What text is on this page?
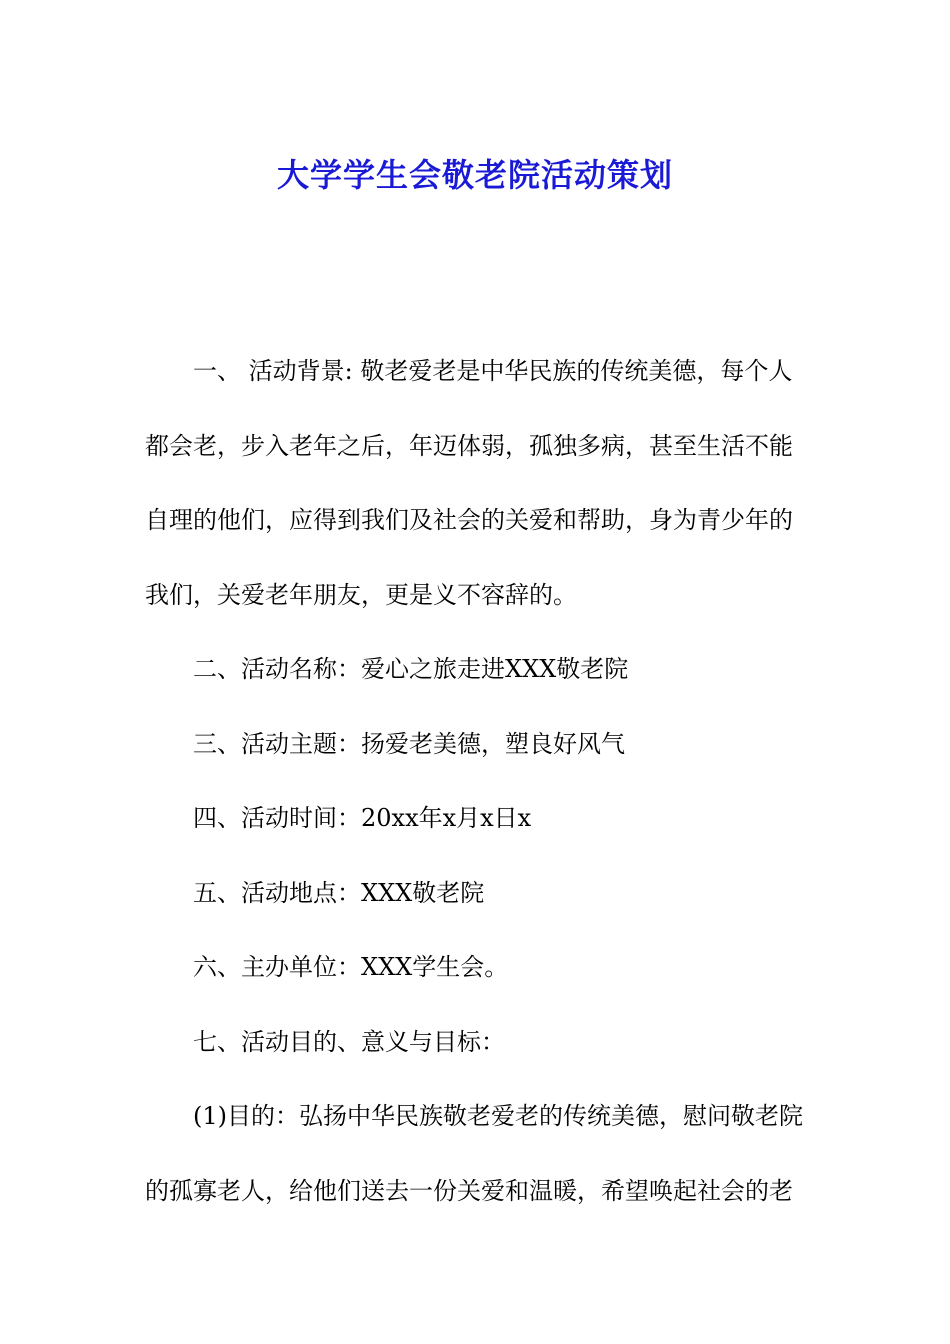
大学学生会敬老院活动策划

一、 活动背景: 敬老爱老是中华民族的传统美德，每个人
都会老，步入老年之后，年迈体弱，孤独多病，甚至生活不能
自理的他们，应得到我们及社会的关爱和帮助，身为青少年的
我们，关爱老年朋友，更是义不容辞的。

二、活动名称：爱心之旅走进XXX敬老院

三、活动主题：扬爱老美德，塑良好风气

四、活动时间：20xx年x月x日x

五、活动地点：XXX敬老院

六、主办单位：XXX学生会。

七、活动目的、意义与目标：

(1)目的：弘扬中华民族敬老爱老的传统美德，慰问敬老院
的孤寡老人，给他们送去一份关爱和温暖，希望唤起社会的老
